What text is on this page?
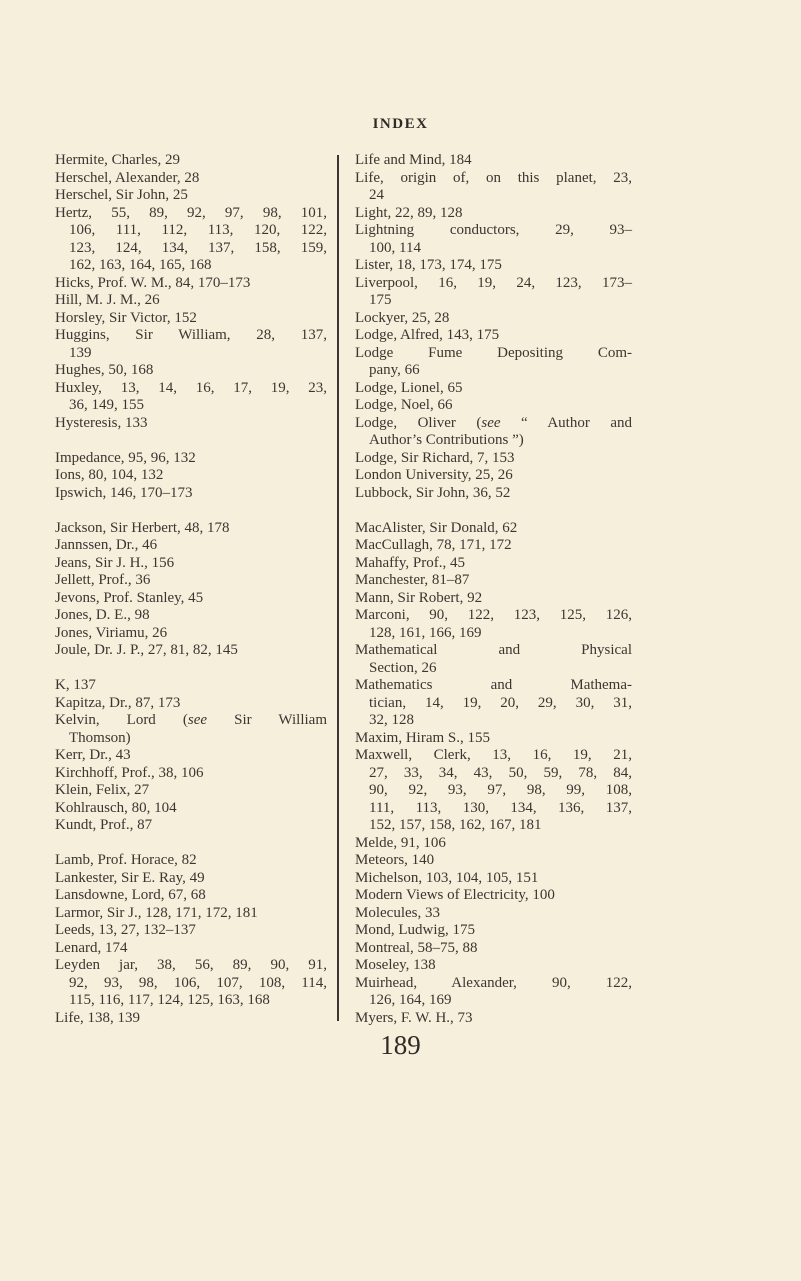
INDEX
Hermite, Charles, 29
Herschel, Alexander, 28
Herschel, Sir John, 25
Hertz, 55, 89, 92, 97, 98, 101,
106, 111, 112, 113, 120, 122,
123, 124, 134, 137, 158, 159,
162, 163, 164, 165, 168
Hicks, Prof. W. M., 84, 170–173
Hill, M. J. M., 26
Horsley, Sir Victor, 152
Huggins, Sir William, 28, 137,
139
Hughes, 50, 168
Huxley, 13, 14, 16, 17, 19, 23,
36, 149, 155
Hysteresis, 133
Impedance, 95, 96, 132
Ions, 80, 104, 132
Ipswich, 146, 170–173
Jackson, Sir Herbert, 48, 178
Jannssen, Dr., 46
Jeans, Sir J. H., 156
Jellett, Prof., 36
Jevons, Prof. Stanley, 45
Jones, D. E., 98
Jones, Viriamu, 26
Joule, Dr. J. P., 27, 81, 82, 145
K, 137
Kapitza, Dr., 87, 173
Kelvin, Lord (see Sir William
Thomson)
Kerr, Dr., 43
Kirchhoff, Prof., 38, 106
Klein, Felix, 27
Kohlrausch, 80, 104
Kundt, Prof., 87
Lamb, Prof. Horace, 82
Lankester, Sir E. Ray, 49
Lansdowne, Lord, 67, 68
Larmor, Sir J., 128, 171, 172, 181
Leeds, 13, 27, 132–137
Lenard, 174
Leyden jar, 38, 56, 89, 90, 91,
92, 93, 98, 106, 107, 108, 114,
115, 116, 117, 124, 125, 163, 168
Life, 138, 139
Life and Mind, 184
Life, origin of, on this planet, 23,
24
Light, 22, 89, 128
Lightning conductors, 29, 93–
100, 114
Lister, 18, 173, 174, 175
Liverpool, 16, 19, 24, 123, 173–
175
Lockyer, 25, 28
Lodge, Alfred, 143, 175
Lodge Fume Depositing Com-
pany, 66
Lodge, Lionel, 65
Lodge, Noel, 66
Lodge, Oliver (see “ Author and
Author’s Contributions ”)
Lodge, Sir Richard, 7, 153
London University, 25, 26
Lubbock, Sir John, 36, 52
MacAlister, Sir Donald, 62
MacCullagh, 78, 171, 172
Mahaffy, Prof., 45
Manchester, 81–87
Mann, Sir Robert, 92
Marconi, 90, 122, 123, 125, 126,
128, 161, 166, 169
Mathematical and Physical
Section, 26
Mathematics and Mathema-
tician, 14, 19, 20, 29, 30, 31,
32, 128
Maxim, Hiram S., 155
Maxwell, Clerk, 13, 16, 19, 21,
27, 33, 34, 43, 50, 59, 78, 84,
90, 92, 93, 97, 98, 99, 108,
111, 113, 130, 134, 136, 137,
152, 157, 158, 162, 167, 181
Melde, 91, 106
Meteors, 140
Michelson, 103, 104, 105, 151
Modern Views of Electricity, 100
Molecules, 33
Mond, Ludwig, 175
Montreal, 58–75, 88
Moseley, 138
Muirhead, Alexander, 90, 122,
126, 164, 169
Myers, F. W. H., 73
189
